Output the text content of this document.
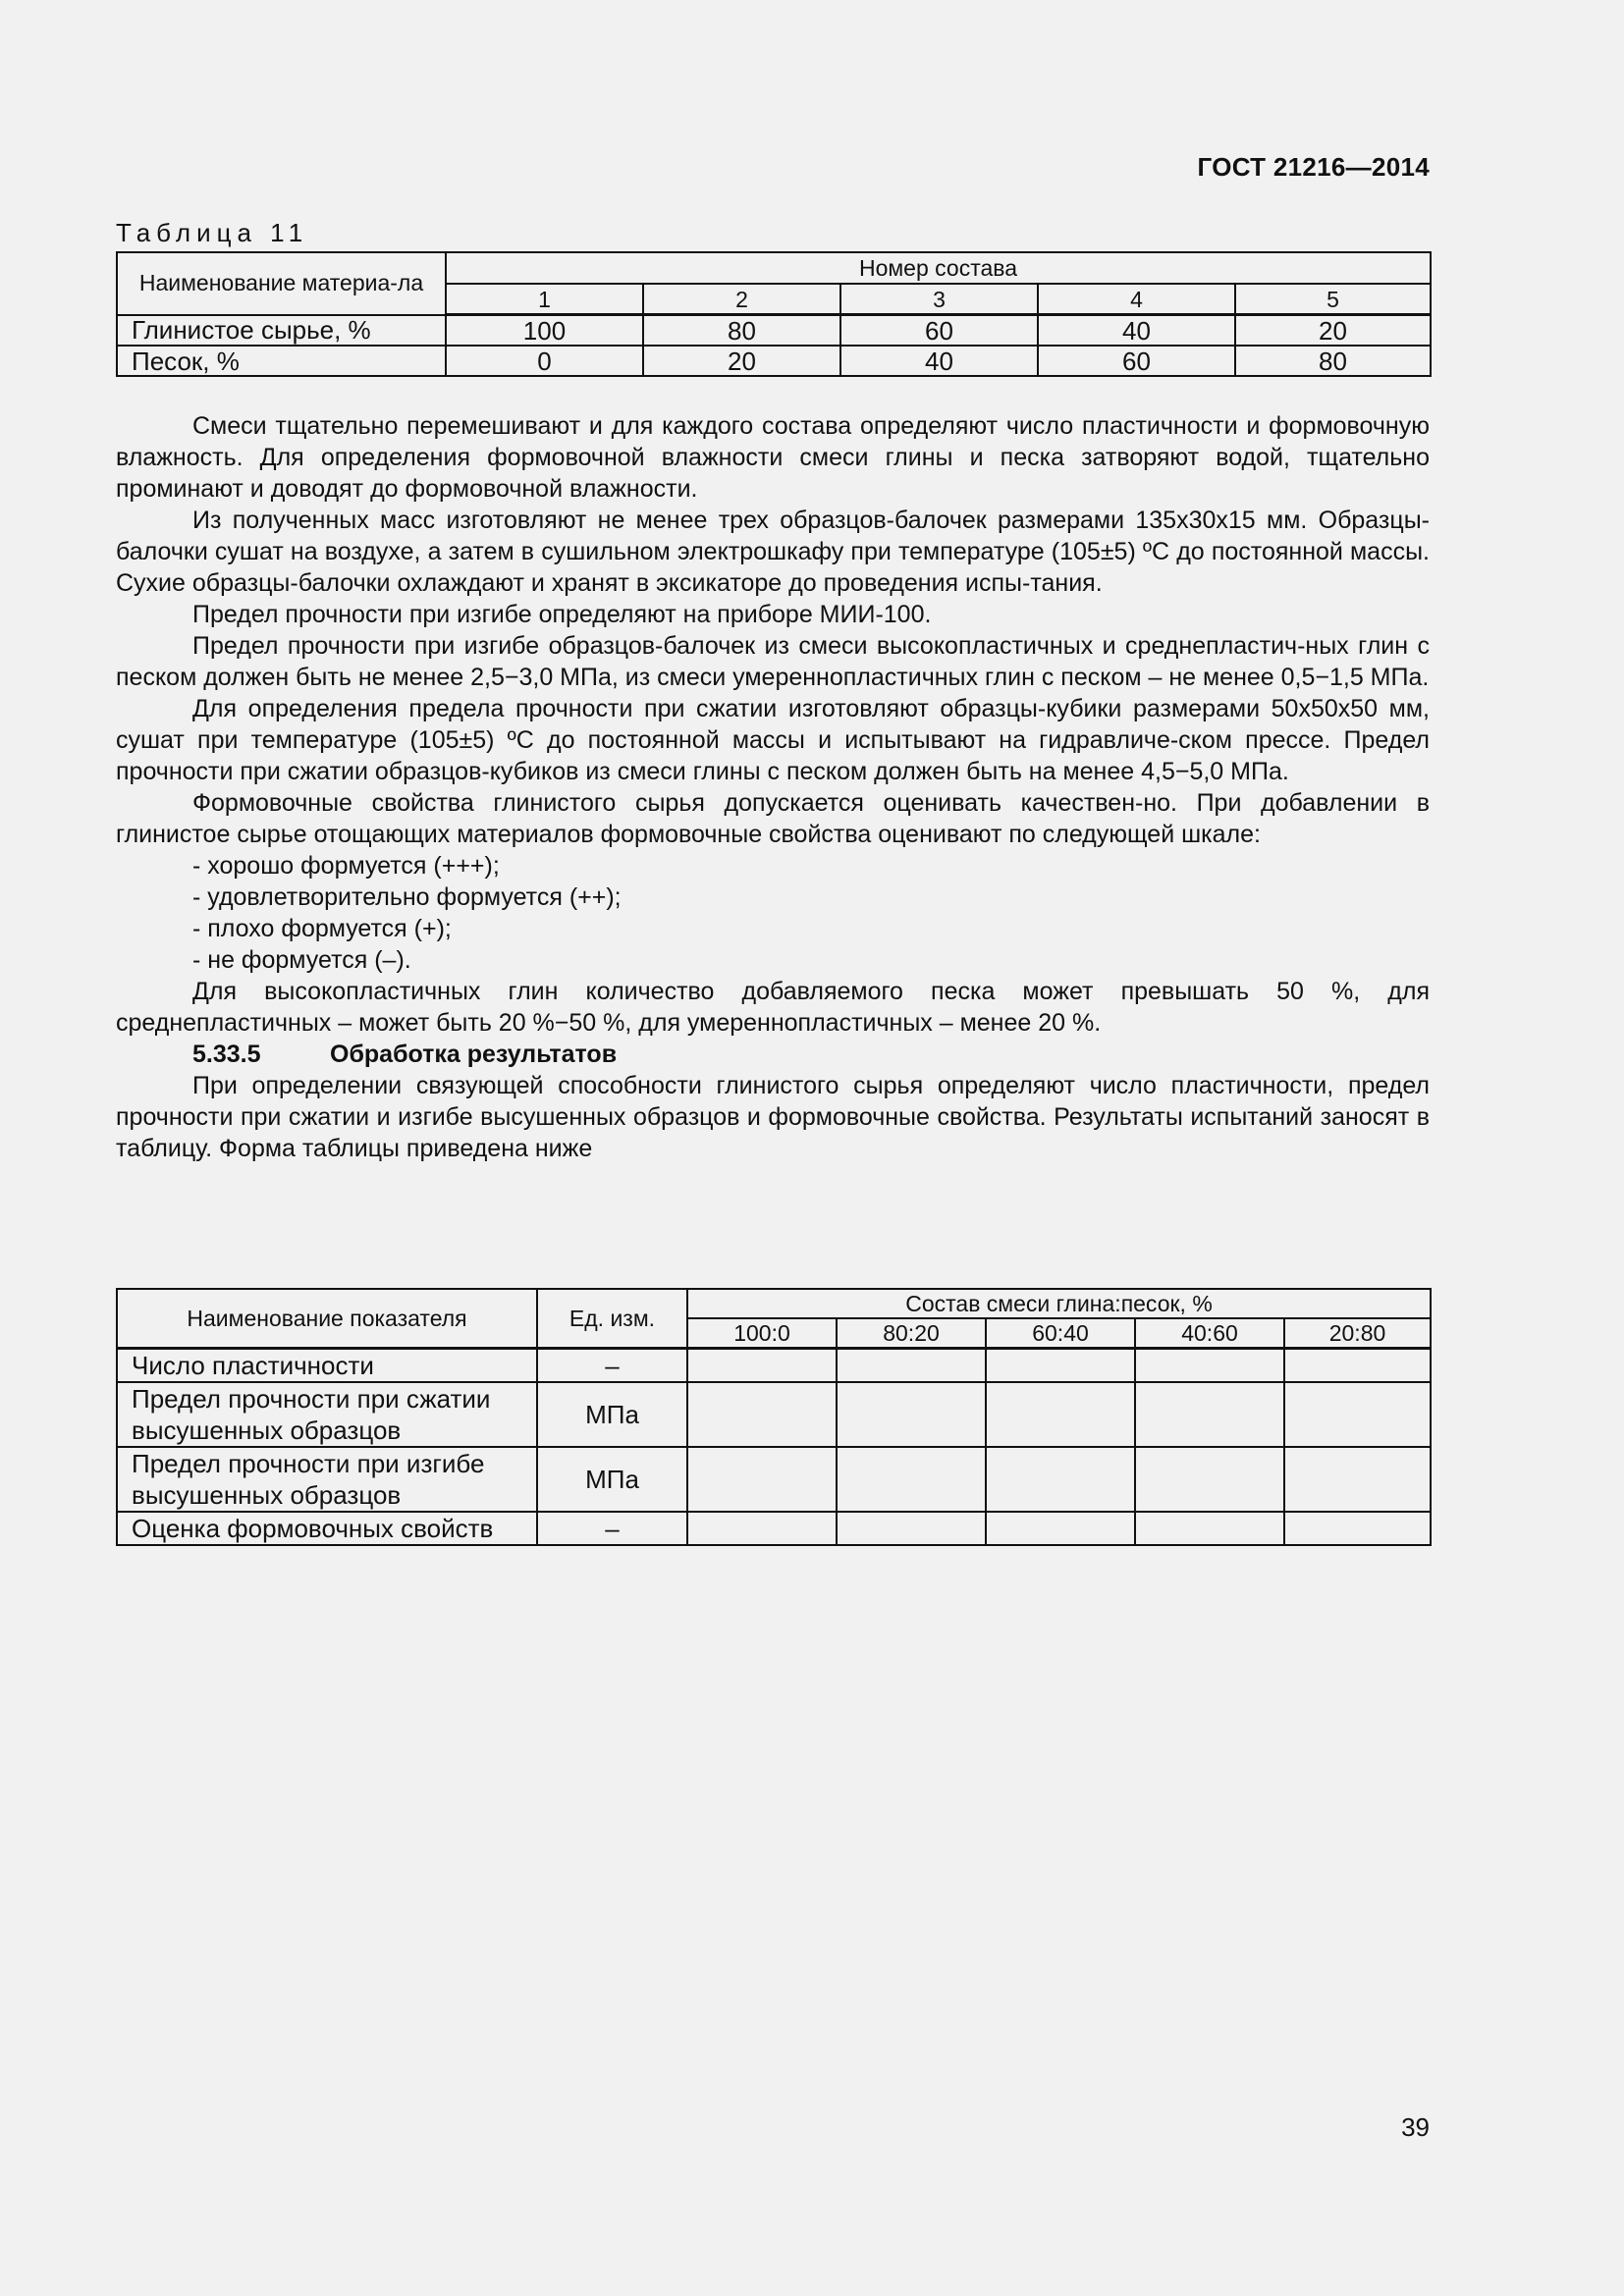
ГОСТ 21216—2014
Таблица 11
Наименование материа-ла	Номер состава				
	1	2	3	4	5
Глинистое сырье, %	100	80	60	40	20
Песок, %	0	20	40	60	80

Смеси тщательно перемешивают и для каждого состава определяют число пластичности и формовочную влажность. Для определения формовочной влажности смеси глины и песка затворяют водой, тщательно проминают и доводят до формовочной влажности.

Из полученных масс изготовляют не менее трех образцов-балочек размерами 135х30х15 мм. Образцы-балочки сушат на воздухе, а затем в сушильном электрошкафу при температуре (105±5) ºС до постоянной массы. Сухие образцы-балочки охлаждают и хранят в эксикаторе до проведения испы-тания.

Предел прочности при изгибе определяют на приборе МИИ-100.

Предел прочности при изгибе образцов-балочек из смеси высокопластичных и среднепластич-ных глин с песком должен быть не менее 2,5−3,0 МПа, из смеси умереннопластичных глин с песком – не менее 0,5−1,5 МПа.

Для определения предела прочности при сжатии изготовляют образцы-кубики размерами 50х50х50 мм, сушат при температуре (105±5) ºС до постоянной массы и испытывают на гидравличе-ском прессе. Предел прочности при сжатии образцов-кубиков из смеси глины с песком должен быть на менее 4,5−5,0 МПа.

Формовочные свойства глинистого сырья допускается оценивать качествен-но. При добавлении в глинистое сырье отощающих материалов формовочные свойства оценивают по следующей шкале:

- хорошо формуется (+++);
- удовлетворительно формуется (++);
- плохо формуется (+);
- не формуется (–).

Для высокопластичных глин количество добавляемого песка может превышать 50 %, для среднепластичных – может быть 20 %−50 %, для умереннопластичных – менее 20 %.

5.33.5	Обработка результатов

При определении связующей способности глинистого сырья определяют число пластичности, предел прочности при сжатии и изгибе высушенных образцов и формовочные свойства. Результаты испытаний заносят в таблицу. Форма таблицы приведена ниже

Наименование показателя	Ед. изм.	Состав смеси глина:песок, %				
		100:0	80:20	60:40	40:60	20:80
Число пластичности	–					
Предел прочности при сжатии высушенных образцов	МПа					
Предел прочности при изгибе высушенных образцов	МПа					
Оценка формовочных свойств	–					
39
